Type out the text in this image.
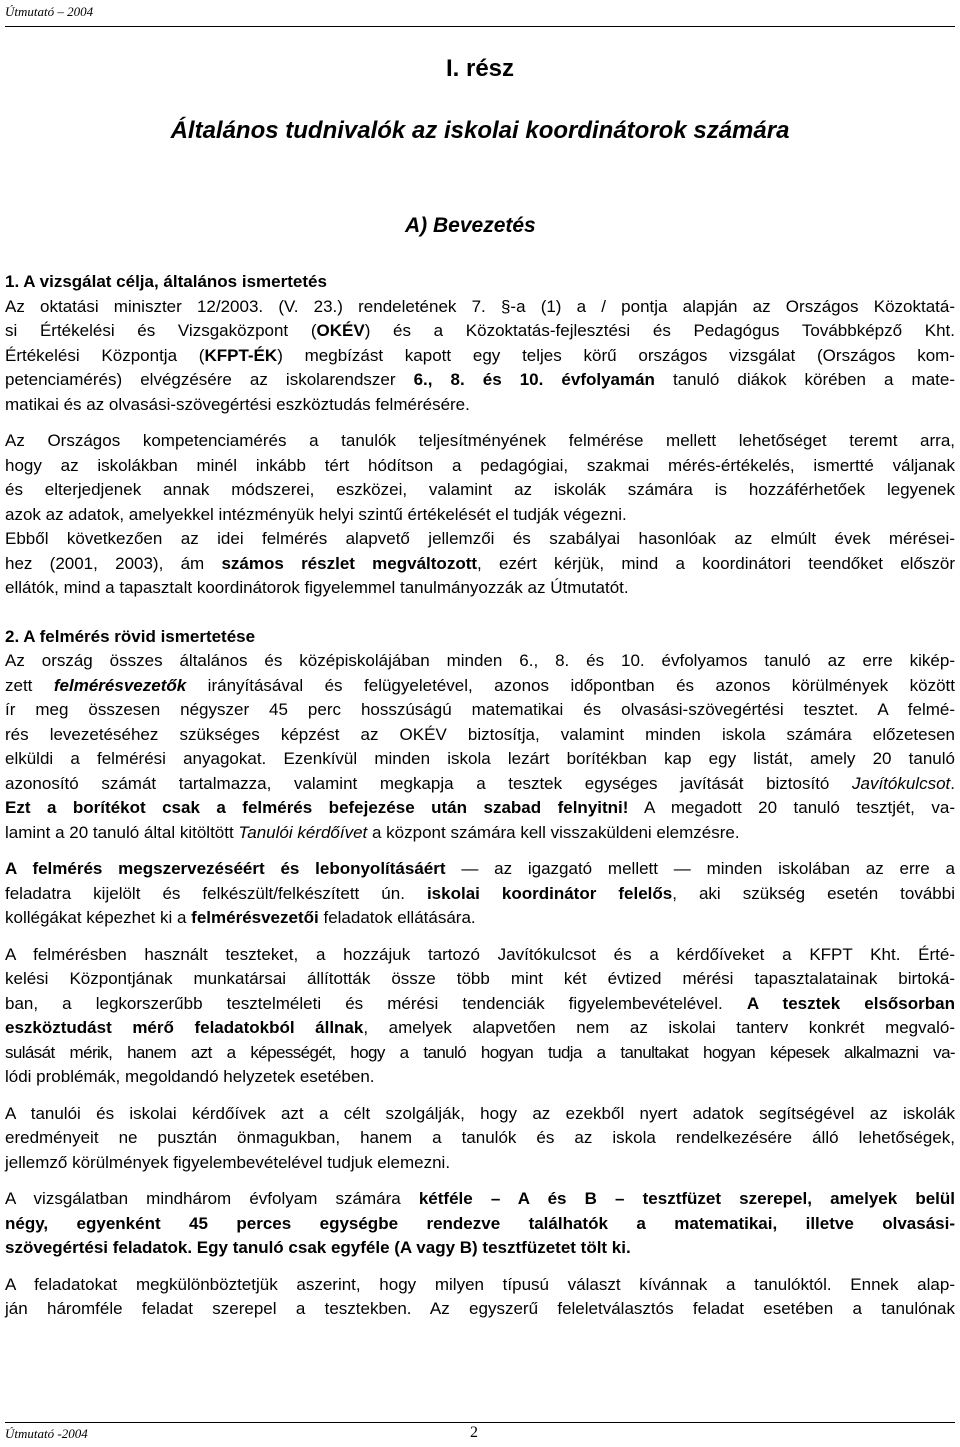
Útmutató – 2004
I. rész
Általános tudnivalók az iskolai koordinátorok számára
A) Bevezetés
1. A vizsgálat célja, általános ismertetés
Az oktatási miniszter 12/2003. (V. 23.) rendeletének 7. §-a (1) a / pontja alapján az Országos Közoktatá-
si Értékelési és Vizsgaközpont (OKÉV) és a Közoktatás-fejlesztési és Pedagógus Továbbképző Kht.
Értékelési Központja (KFPT-ÉK) megbízást kapott egy teljes körű országos vizsgálat (Országos kom-
petenciamérés) elvégzésére az iskolarendszer 6., 8. és 10. évfolyamán tanuló diákok körében a mate-
matikai és az olvasási-szövegértési eszköztudás felmérésére.
Az Országos kompetenciamérés a tanulók teljesítményének felmérése mellett lehetőséget teremt arra,
hogy az iskolákban minél inkább tért hódítson a pedagógiai, szakmai mérés-értékelés, ismertté váljanak
és elterjedjenek annak módszerei, eszközei, valamint az iskolák számára is hozzáférhetőek legyenek
azok az adatok, amelyekkel intézményük helyi szintű értékelését el tudják végezni.
Ebből következően az idei felmérés alapvető jellemzői és szabályai hasonlóak az elmúlt évek mérései-
hez (2001, 2003), ám számos részlet megváltozott, ezért kérjük, mind a koordinátori teendőket először
ellátók, mind a tapasztalt koordinátorok figyelemmel tanulmányozzák az Útmutatót.
2. A felmérés rövid ismertetése
Az ország összes általános és középiskolájában minden 6., 8. és 10. évfolyamos tanuló az erre kikép-
zett felmérésvezetők irányításával és felügyeletével, azonos időpontban és azonos körülmények között
ír meg összesen négyszer 45 perc hosszúságú matematikai és olvasási-szövegértési tesztet. A felmé-
rés levezetéséhez szükséges képzést az OKÉV biztosítja, valamint minden iskola számára előzetesen
elküldi a felmérési anyagokat. Ezenkívül minden iskola lezárt borítékban kap egy listát, amely 20 tanuló
azonosító számát tartalmazza, valamint megkapja a tesztek egységes javítását biztosító Javítókulcsot.
Ezt a borítékot csak a felmérés befejezése után szabad felnyitni! A megadott 20 tanuló tesztjét, va-
lamint a 20 tanuló által kitöltött Tanulói kérdőívet a központ számára kell visszaküldeni elemzésre.
A felmérés megszervezéséért és lebonyolításáért — az igazgató mellett — minden iskolában az erre a
feladatra kijelölt és felkészült/felkészített ún. iskolai koordinátor felelős, aki szükség esetén további
kollégákat képezhet ki a felmérésvezetői feladatok ellátására.
A felmérésben használt teszteket, a hozzájuk tartozó Javítókulcsot és a kérdőíveket a KFPT Kht. Érté-
kelési Központjának munkatársai állították össze több mint két évtized mérési tapasztalatainak birtoká-
ban, a legkorszerűbb tesztelméleti és mérési tendenciák figyelembevételével. A tesztek elsősorban
eszköztudást mérő feladatokból állnak, amelyek alapvetően nem az iskolai tanterv konkrét megvaló-
sulását mérik, hanem azt a képességét, hogy a tanuló hogyan tudja a tanultakat hogyan képesek alkalmazni va-
lódi problémák, megoldandó helyzetek esetében.
A tanulói és iskolai kérdőívek azt a célt szolgálják, hogy az ezekből nyert adatok segítségével az iskolák
eredményeit ne pusztán önmagukban, hanem a tanulók és az iskola rendelkezésére álló lehetőségek,
jellemző körülmények figyelembevételével tudjuk elemezni.
A vizsgálatban mindhárom évfolyam számára kétféle – A és B – tesztfüzet szerepel, amelyek belül
négy, egyenként 45 perces egységbe rendezve találhatók a matematikai, illetve olvasási-
szövegértési feladatok. Egy tanuló csak egyféle (A vagy B) tesztfüzetet tölt ki.
A feladatokat megkülönböztetjük aszerint, hogy milyen típusú választ kívánnak a tanulóktól. Ennek alap-
ján háromféle feladat szerepel a tesztekben. Az egyszerű feleletválasztós feladat esetében a tanulónak
Útmutató -2004	2
